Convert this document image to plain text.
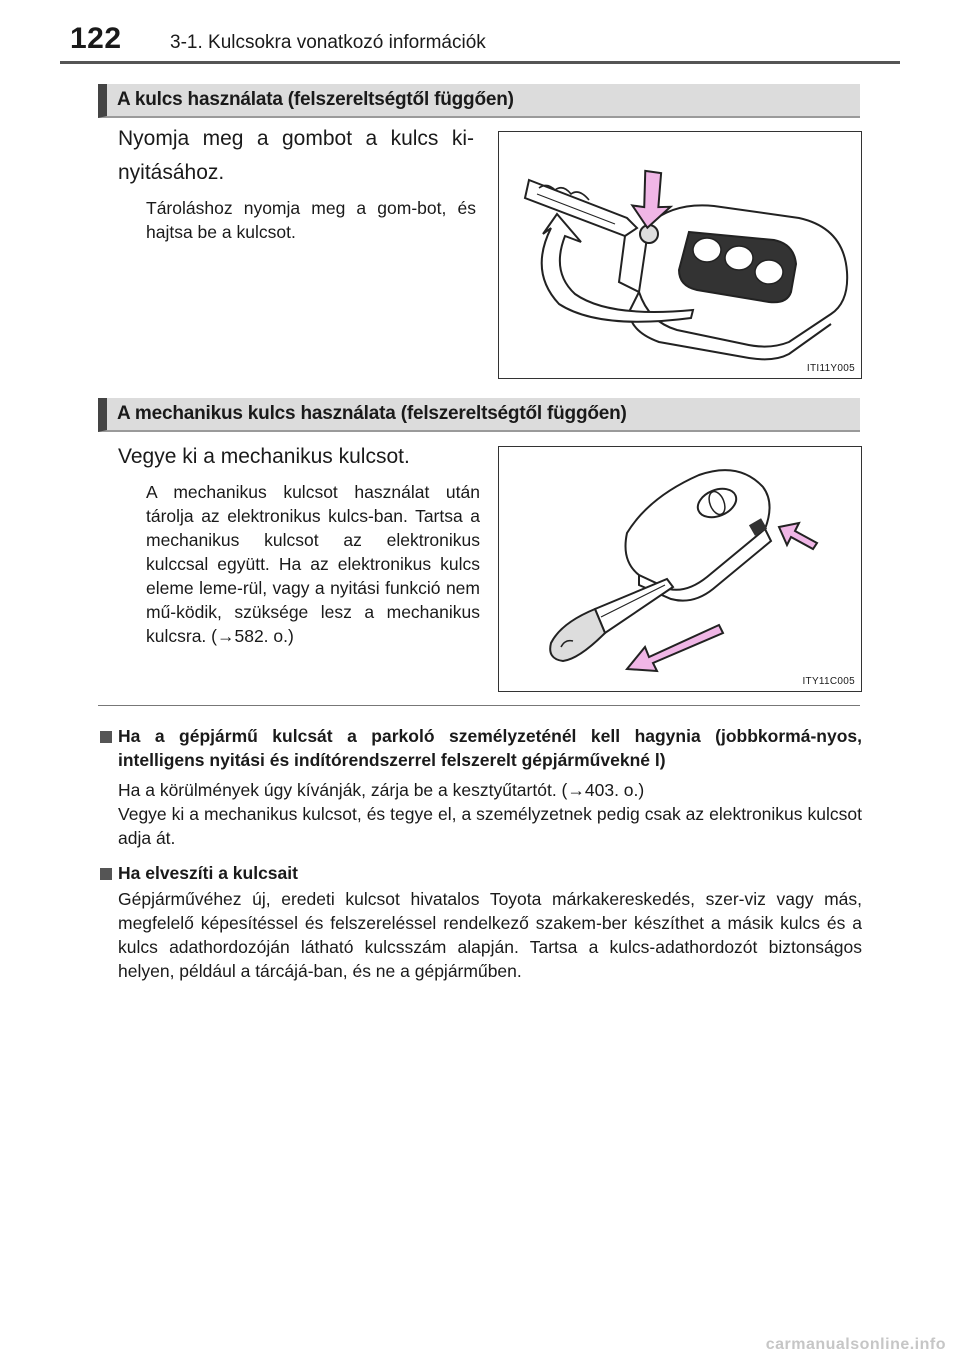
122	3-1. Kulcsokra vonatkozó információk
A kulcs használata (felszereltségtől függően)
Nyomja meg a gombot a kulcs ki-nyitásához.
Tároláshoz nyomja meg a gom-bot, és hajtsa be a kulcsot.
ITI11Y005
A mechanikus kulcs használata (felszereltségtől függően)
Vegye ki a mechanikus kulcsot.
A mechanikus kulcsot használat után tárolja az elektronikus kulcs-ban. Tartsa a mechanikus kulcsot az elektronikus kulccsal együtt. Ha az elektronikus kulcs eleme leme-rül, vagy a nyitási funkció nem mű-ködik, szüksége lesz a mechanikus kulcsra. (→582. o.)
ITY11C005
Ha a gépjármű kulcsát a parkoló személyzeténél kell hagynia (jobbkormá-nyos, intelligens nyitási és indítórendszerrel felszerelt gépjárművekné l)
Ha a körülmények úgy kívánják, zárja be a kesztyűtartót. (→403. o.)
Vegye ki a mechanikus kulcsot, és tegye el, a személyzetnek pedig csak az elektronikus kulcsot adja át.
Ha elveszíti a kulcsait
Gépjárművéhez új, eredeti kulcsot hivatalos Toyota márkakereskedés, szer-viz vagy más, megfelelő képesítéssel és felszereléssel rendelkező szakem-ber készíthet a másik kulcs és a kulcs adathordozóján látható kulcsszám alapján. Tartsa a kulcs-adathordozót biztonságos helyen, például a tárcájá-ban, és ne a gépjárműben.
carmanualsonline.info
